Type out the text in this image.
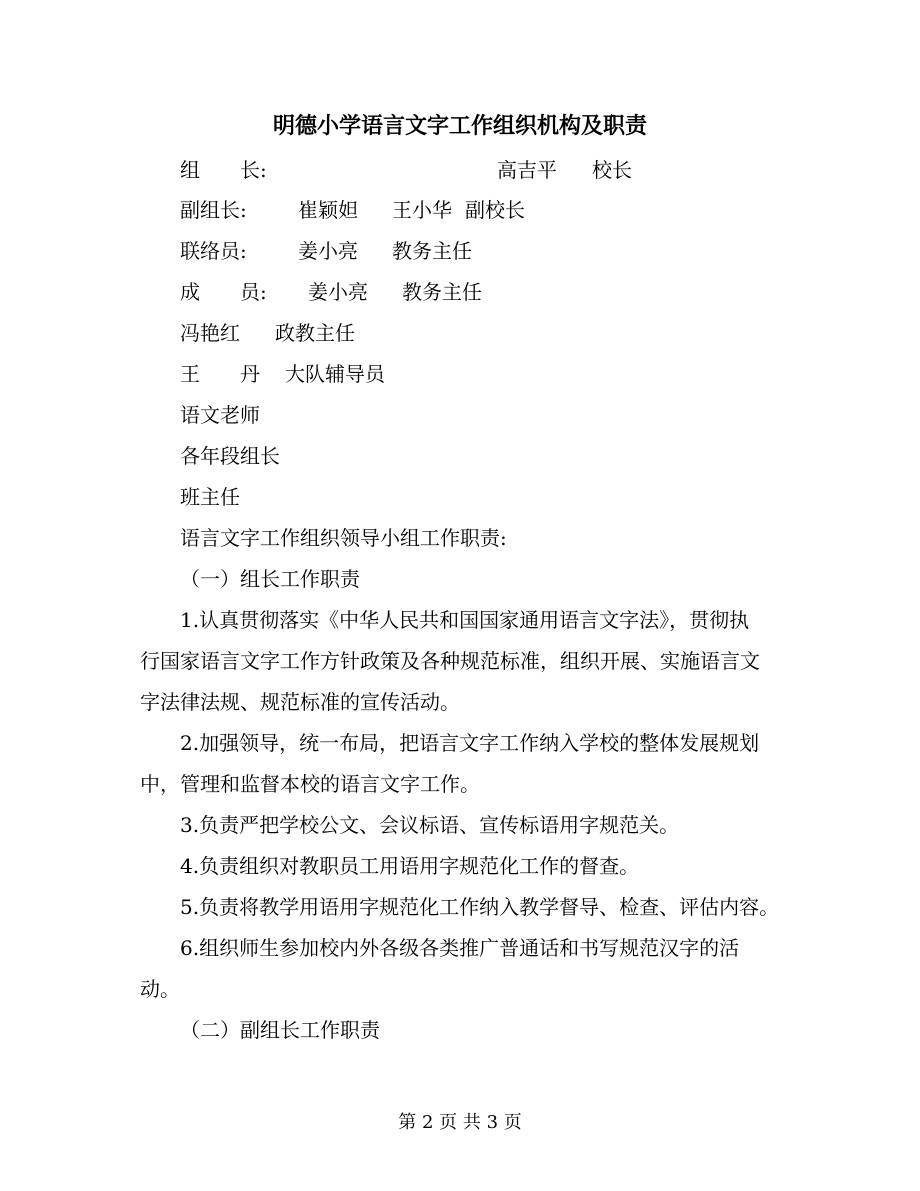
明德小学语言文字工作组织机构及职责
组　　长:	高吉平 校长
副组长:	崔颖妲 王小华 副校长
联络员:	姜小亮 教务主任
成　　员: 姜小亮 教务主任
冯艳红 政教主任
王　　丹 大队辅导员
语文老师
各年段组长
班主任
语言文字工作组织领导小组工作职责:
（一）组长工作职责
1.认真贯彻落实《中华人民共和国国家通用语言文字法》，贯彻执
行国家语言文字工作方针政策及各种规范标准，组织开展、实施语言文
字法律法规、规范标准的宣传活动。
2.加强领导，统一布局，把语言文字工作纳入学校的整体发展规划
中，管理和监督本校的语言文字工作。
3.负责严把学校公文、会议标语、宣传标语用字规范关。
4.负责组织对教职员工用语用字规范化工作的督查。
5.负责将教学用语用字规范化工作纳入教学督导、检查、评估内容。
6.组织师生参加校内外各级各类推广普通话和书写规范汉字的活
动。
（二）副组长工作职责
第 2 页 共 3 页
